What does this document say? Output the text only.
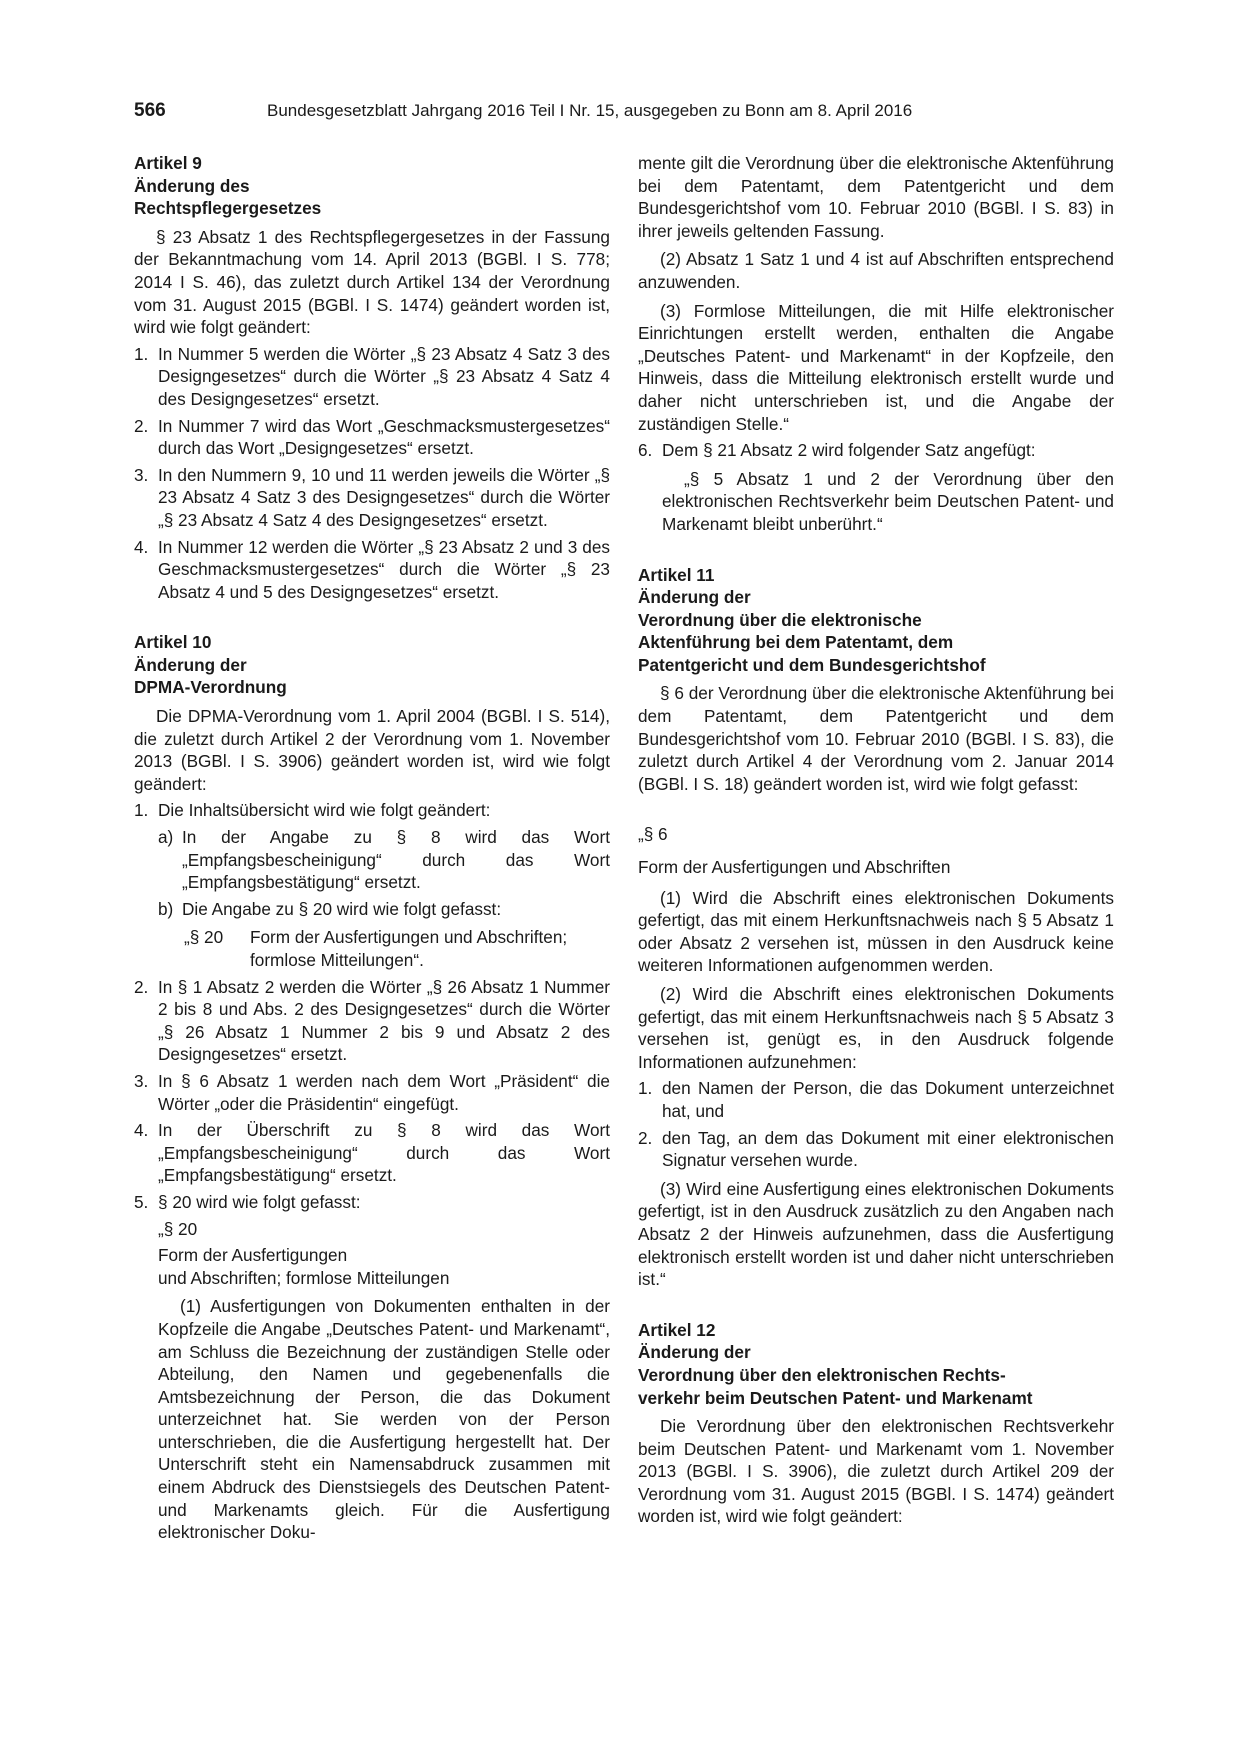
566	Bundesgesetzblatt Jahrgang 2016 Teil I Nr. 15, ausgegeben zu Bonn am 8. April 2016

Artikel 9

Änderung des

Rechtspflegergesetzes

§ 23 Absatz 1 des Rechtspflegergesetzes in der Fassung der Bekanntmachung vom 14. April 2013 (BGBl. I S. 778; 2014 I S. 46), das zuletzt durch Artikel 134 der Verordnung vom 31. August 2015 (BGBl. I S. 1474) geändert worden ist, wird wie folgt geändert:

1. In Nummer 5 werden die Wörter „§ 23 Absatz 4 Satz 3 des Designgesetzes“ durch die Wörter „§ 23 Absatz 4 Satz 4 des Designgesetzes“ ersetzt.
2. In Nummer 7 wird das Wort „Geschmacksmustergesetzes“ durch das Wort „Designgesetzes“ ersetzt.
3. In den Nummern 9, 10 und 11 werden jeweils die Wörter „§ 23 Absatz 4 Satz 3 des Designgesetzes“ durch die Wörter „§ 23 Absatz 4 Satz 4 des Designgesetzes“ ersetzt.
4. In Nummer 12 werden die Wörter „§ 23 Absatz 2 und 3 des Geschmacksmustergesetzes“ durch die Wörter „§ 23 Absatz 4 und 5 des Designgesetzes“ ersetzt.

Artikel 10

Änderung der

DPMA-Verordnung

Die DPMA-Verordnung vom 1. April 2004 (BGBl. I S. 514), die zuletzt durch Artikel 2 der Verordnung vom 1. November 2013 (BGBl. I S. 3906) geändert worden ist, wird wie folgt geändert:

1. Die Inhaltsübersicht wird wie folgt geändert:
a) In der Angabe zu § 8 wird das Wort „Empfangsbescheinigung“ durch das Wort „Empfangsbestätigung“ ersetzt.
b) Die Angabe zu § 20 wird wie folgt gefasst:
„§ 20	Form der Ausfertigungen und Abschriften; formlose Mitteilungen“.
2. In § 1 Absatz 2 werden die Wörter „§ 26 Absatz 1 Nummer 2 bis 8 und Abs. 2 des Designgesetzes“ durch die Wörter „§ 26 Absatz 1 Nummer 2 bis 9 und Absatz 2 des Designgesetzes“ ersetzt.
3. In § 6 Absatz 1 werden nach dem Wort „Präsident“ die Wörter „oder die Präsidentin“ eingefügt.
4. In der Überschrift zu § 8 wird das Wort „Empfangsbescheinigung“ durch das Wort „Empfangsbestätigung“ ersetzt.
5. § 20 wird wie folgt gefasst:

„§ 20

Form der Ausfertigungen

und Abschriften; formlose Mitteilungen

(1) Ausfertigungen von Dokumenten enthalten in der Kopfzeile die Angabe „Deutsches Patent- und Markenamt“, am Schluss die Bezeichnung der zuständigen Stelle oder Abteilung, den Namen und gegebenenfalls die Amtsbezeichnung der Person, die das Dokument unterzeichnet hat. Sie werden von der Person unterschrieben, die die Ausfertigung hergestellt hat. Der Unterschrift steht ein Namensabdruck zusammen mit einem Abdruck des Dienstsiegels des Deutschen Patent- und Markenamts gleich. Für die Ausfertigung elektronischer Doku-

mente gilt die Verordnung über die elektronische Aktenführung bei dem Patentamt, dem Patentgericht und dem Bundesgerichtshof vom 10. Februar 2010 (BGBl. I S. 83) in ihrer jeweils geltenden Fassung.

(2) Absatz 1 Satz 1 und 4 ist auf Abschriften entsprechend anzuwenden.

(3) Formlose Mitteilungen, die mit Hilfe elektronischer Einrichtungen erstellt werden, enthalten die Angabe „Deutsches Patent- und Markenamt“ in der Kopfzeile, den Hinweis, dass die Mitteilung elektronisch erstellt wurde und daher nicht unterschrieben ist, und die Angabe der zuständigen Stelle.“

6. Dem § 21 Absatz 2 wird folgender Satz angefügt:

„§ 5 Absatz 1 und 2 der Verordnung über den elektronischen Rechtsverkehr beim Deutschen Patent- und Markenamt bleibt unberührt.“

Artikel 11

Änderung der

Verordnung über die elektronische

Aktenführung bei dem Patentamt, dem

Patentgericht und dem Bundesgerichtshof

§ 6 der Verordnung über die elektronische Aktenführung bei dem Patentamt, dem Patentgericht und dem Bundesgerichtshof vom 10. Februar 2010 (BGBl. I S. 83), die zuletzt durch Artikel 4 der Verordnung vom 2. Januar 2014 (BGBl. I S. 18) geändert worden ist, wird wie folgt gefasst:

„§ 6

Form der Ausfertigungen und Abschriften

(1) Wird die Abschrift eines elektronischen Dokuments gefertigt, das mit einem Herkunftsnachweis nach § 5 Absatz 1 oder Absatz 2 versehen ist, müssen in den Ausdruck keine weiteren Informationen aufgenommen werden.

(2) Wird die Abschrift eines elektronischen Dokuments gefertigt, das mit einem Herkunftsnachweis nach § 5 Absatz 3 versehen ist, genügt es, in den Ausdruck folgende Informationen aufzunehmen:

1. den Namen der Person, die das Dokument unterzeichnet hat, und
2. den Tag, an dem das Dokument mit einer elektronischen Signatur versehen wurde.

(3) Wird eine Ausfertigung eines elektronischen Dokuments gefertigt, ist in den Ausdruck zusätzlich zu den Angaben nach Absatz 2 der Hinweis aufzunehmen, dass die Ausfertigung elektronisch erstellt worden ist und daher nicht unterschrieben ist.“

Artikel 12

Änderung der

Verordnung über den elektronischen Rechts-

verkehr beim Deutschen Patent- und Markenamt

Die Verordnung über den elektronischen Rechtsverkehr beim Deutschen Patent- und Markenamt vom 1. November 2013 (BGBl. I S. 3906), die zuletzt durch Artikel 209 der Verordnung vom 31. August 2015 (BGBl. I S. 1474) geändert worden ist, wird wie folgt geändert:
